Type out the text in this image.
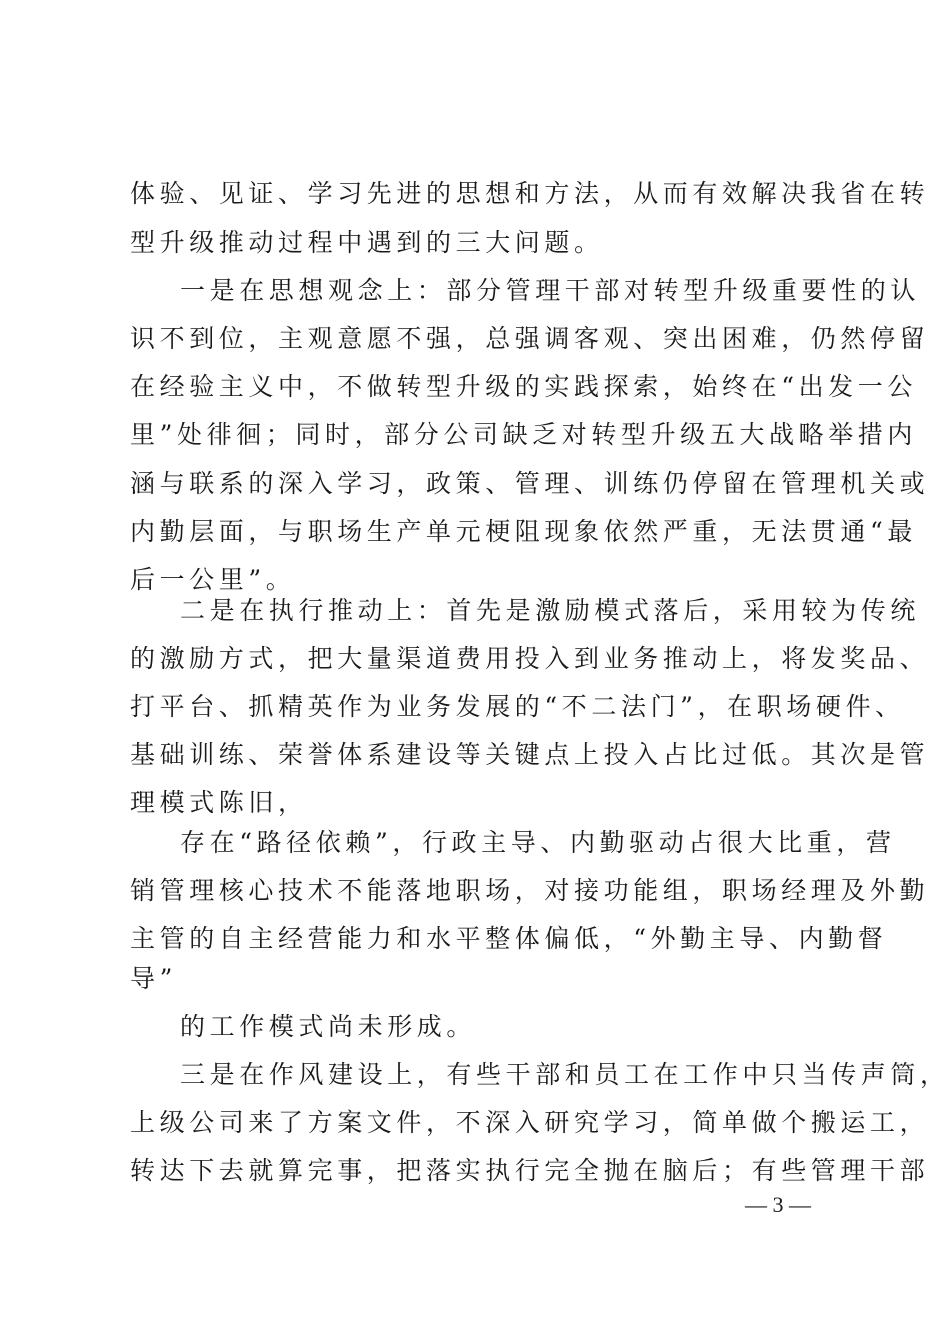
体验、见证、学习先进的思想和方法，从而有效解决我省在转
型升级推动过程中遇到的三大问题。
一是在思想观念上：部分管理干部对转型升级重要性的认
识不到位，主观意愿不强，总强调客观、突出困难，仍然停留
在经验主义中，不做转型升级的实践探索，始终在“出发一公
里”处徘徊；同时，部分公司缺乏对转型升级五大战略举措内
涵与联系的深入学习，政策、管理、训练仍停留在管理机关或
内勤层面，与职场生产单元梗阻现象依然严重，无法贯通“最
后一公里”。
二是在执行推动上：首先是激励模式落后，采用较为传统
的激励方式，把大量渠道费用投入到业务推动上，将发奖品、
打平台、抓精英作为业务发展的“不二法门”，在职场硬件、
基础训练、荣誉体系建设等关键点上投入占比过低。其次是管
理模式陈旧，
存在“路径依赖”，行政主导、内勤驱动占很大比重，营
销管理核心技术不能落地职场，对接功能组，职场经理及外勤
主管的自主经营能力和水平整体偏低，“外勤主导、内勤督
导”
的工作模式尚未形成。
三是在作风建设上，有些干部和员工在工作中只当传声筒，
上级公司来了方案文件，不深入研究学习，简单做个搬运工，
转达下去就算完事，把落实执行完全抛在脑后；有些管理干部
— 3 —
